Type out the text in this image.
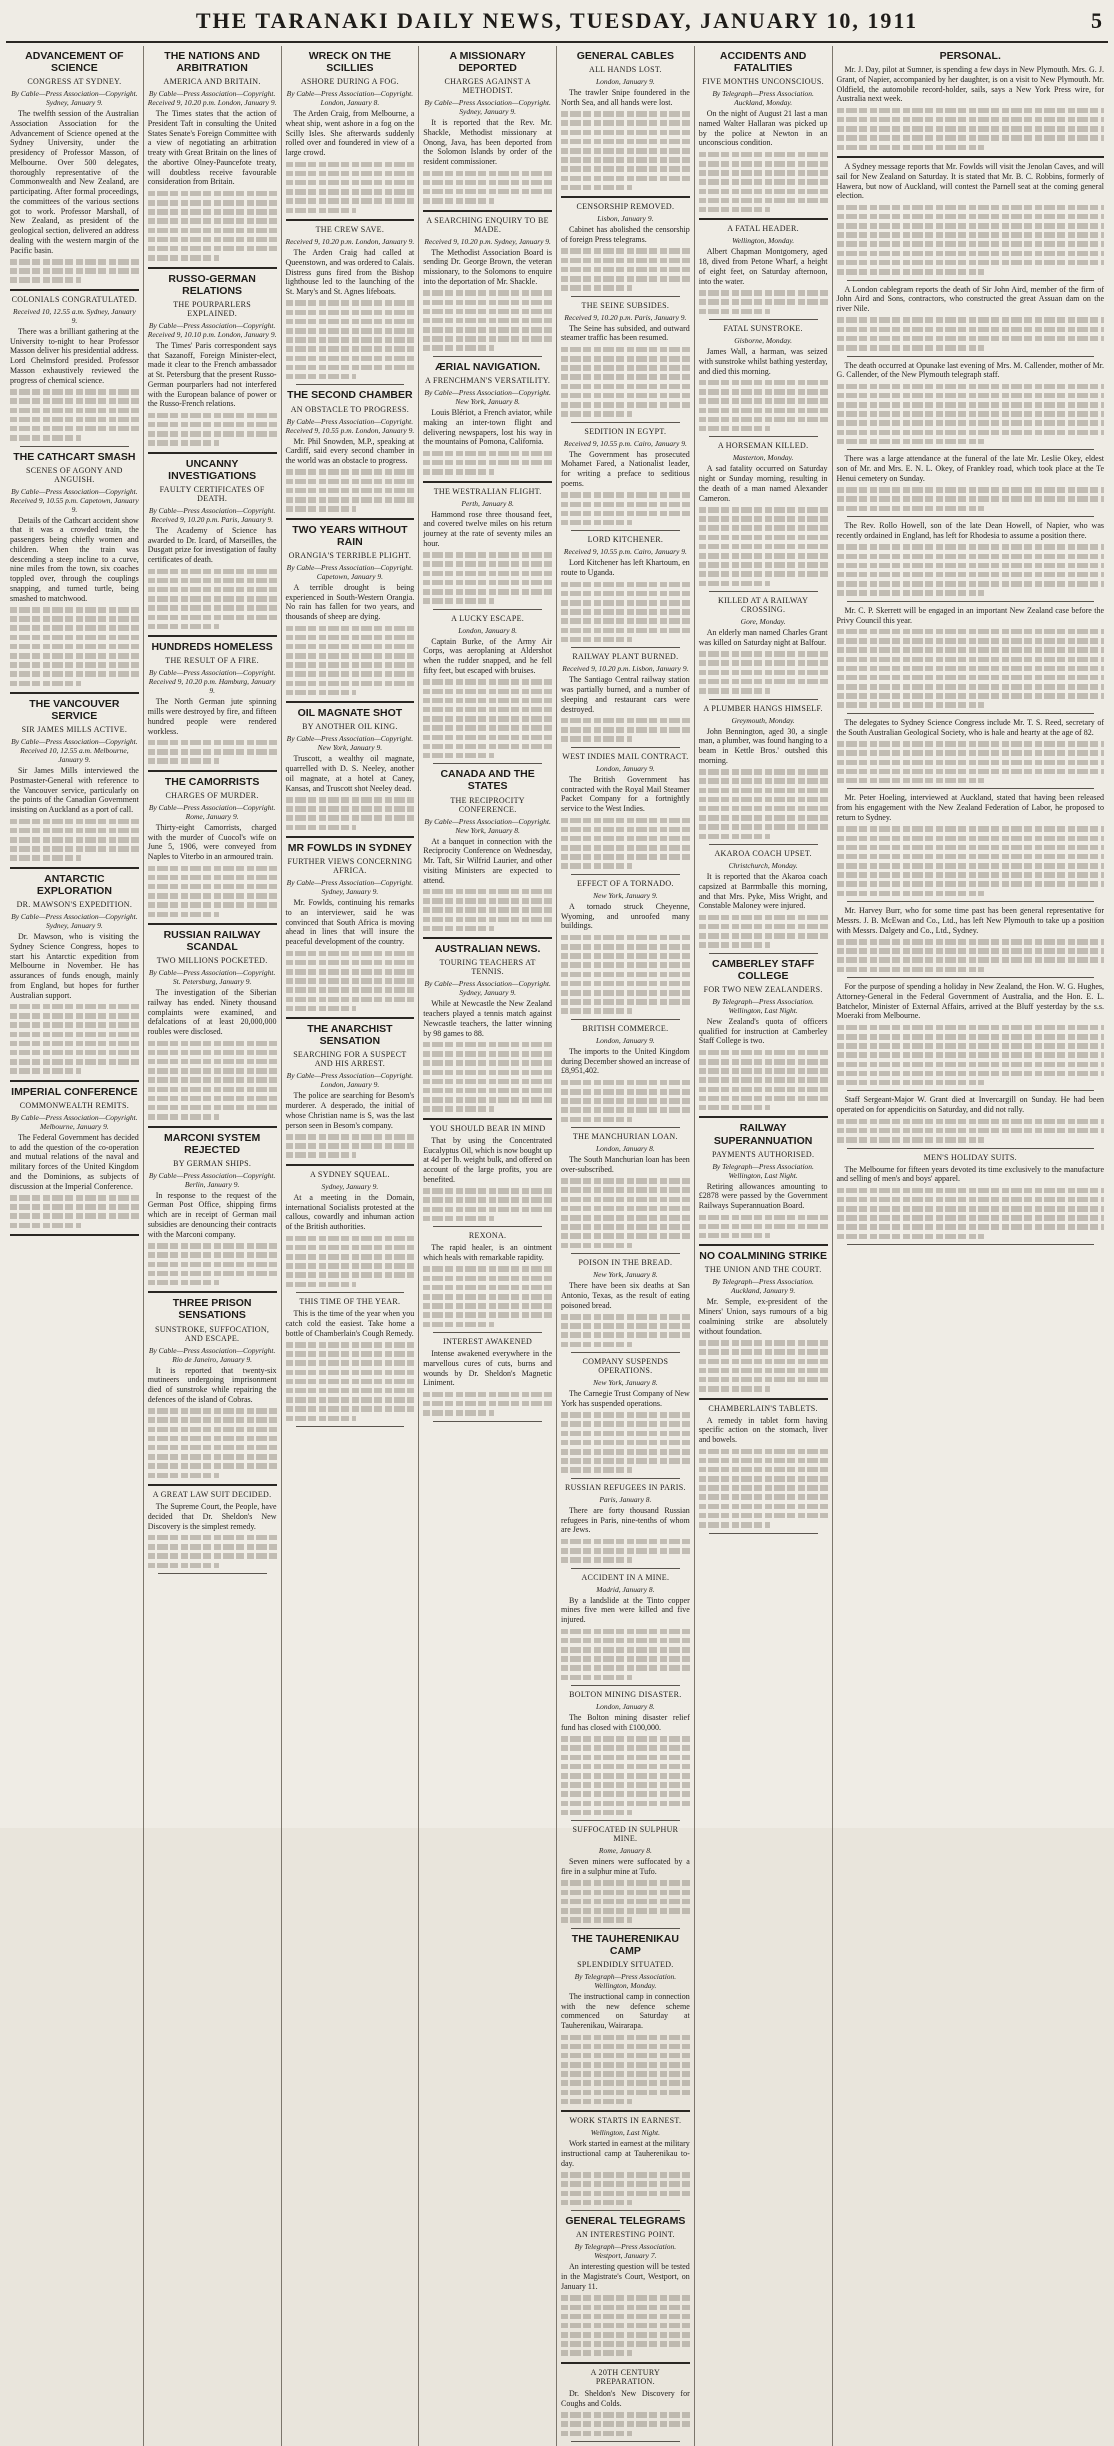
THE TARANAKI DAILY NEWS, TUESDAY, JANUARY 10, 1911	5
ADVANCEMENT OF SCIENCE
CONGRESS AT SYDNEY.
By Cable—Press Association—Copyright. Sydney, January 9.
The twelfth session of the Australian Association Association for the Advancement of Science opened at the Sydney University, under the presidency of Professor Masson, of Melbourne. Over 500 delegates, thoroughly representative of the Commonwealth and New Zealand, are participating. After formal proceedings, the committees of the various sections got to work. Professor Marshall, of New Zealand, as president of the geological section, delivered an address dealing with the western margin of the Pacific basin.
COLONIALS CONGRATULATED.
Received 10, 12.55 a.m. Sydney, January 9.
There was a brilliant gathering at the University to-night to hear Professor Masson deliver his presidential address. Lord Chelmsford presided. Professor Masson exhaustively reviewed the progress of chemical science.
THE CATHCART SMASH
SCENES OF AGONY AND ANGUISH.
By Cable—Press Association—Copyright. Received 9, 10.55 p.m. Capetown, January 9.
Details of the Cathcart accident show that it was a crowded train, the passengers being chiefly women and children. When the train was descending a steep incline to a curve, nine miles from the town, six coaches toppled over, through the couplings snapping, and turned turtle, being smashed to matchwood.
THE VANCOUVER SERVICE
SIR JAMES MILLS ACTIVE.
By Cable—Press Association—Copyright. Received 10, 12.55 a.m. Melbourne, January 9.
Sir James Mills interviewed the Postmaster-General with reference to the Vancouver service, particularly on the points of the Canadian Government insisting on Auckland as a port of call.
ANTARCTIC EXPLORATION
DR. MAWSON'S EXPEDITION.
By Cable—Press Association—Copyright. Sydney, January 9.
Dr. Mawson, who is visiting the Sydney Science Congress, hopes to start his Antarctic expedition from Melbourne in November. He has assurances of funds enough, mainly from England, but hopes for further Australian support.
IMPERIAL CONFERENCE
COMMONWEALTH REMITS.
By Cable—Press Association—Copyright. Melbourne, January 9.
The Federal Government has decided to add the question of the co-operation and mutual relations of the naval and military forces of the United Kingdom and the Dominions, as subjects of discussion at the Imperial Conference.
THE NATIONS AND ARBITRATION
AMERICA AND BRITAIN.
By Cable—Press Association—Copyright. Received 9, 10.20 p.m. London, January 9.
The Times states that the action of President Taft in consulting the United States Senate's Foreign Committee with a view of negotiating an arbitration treaty with Great Britain on the lines of the abortive Olney-Pauncefote treaty, will doubtless receive favourable consideration from Britain.
RUSSO-GERMAN RELATIONS
THE POURPARLERS EXPLAINED.
By Cable—Press Association—Copyright. Received 9, 10.10 p.m. London, January 9.
The Times' Paris correspondent says that Sazanoff, Foreign Minister-elect, made it clear to the French ambassador at St. Petersburg that the present Russo-German pourparlers had not interfered with the European balance of power or the Russo-French relations.
UNCANNY INVESTIGATIONS
FAULTY CERTIFICATES OF DEATH.
By Cable—Press Association—Copyright. Received 9, 10.20 p.m. Paris, January 9.
The Academy of Science has awarded to Dr. Icard, of Marseilles, the Dusgatt prize for investigation of faulty certificates of death.
HUNDREDS HOMELESS
THE RESULT OF A FIRE.
By Cable—Press Association—Copyright. Received 9, 10.20 p.m. Hamburg, January 9.
The North German jute spinning mills were destroyed by fire, and fifteen hundred people were rendered workless.
THE CAMORRISTS
CHARGES OF MURDER.
By Cable—Press Association—Copyright. Rome, January 9.
Thirty-eight Camorrists, charged with the murder of Cuocol's wife on June 5, 1906, were conveyed from Naples to Viterbo in an armoured train.
RUSSIAN RAILWAY SCANDAL
TWO MILLIONS POCKETED.
By Cable—Press Association—Copyright. St. Petersburg, January 9.
The investigation of the Siberian railway has ended. Ninety thousand complaints were examined, and defalcations of at least 20,000,000 roubles were disclosed.
MARCONI SYSTEM REJECTED
BY GERMAN SHIPS.
By Cable—Press Association—Copyright. Berlin, January 9.
In response to the request of the German Post Office, shipping firms which are in receipt of German mail subsidies are denouncing their contracts with the Marconi company.
THREE PRISON SENSATIONS
SUNSTROKE, SUFFOCATION, AND ESCAPE.
By Cable—Press Association—Copyright. Rio de Janeiro, January 9.
It is reported that twenty-six mutineers undergoing imprisonment died of sunstroke while repairing the defences of the island of Cobras.
A GREAT LAW SUIT DECIDED.
The Supreme Court, the People, have decided that Dr. Sheldon's New Discovery is the simplest remedy.
WRECK ON THE SCILLIES
ASHORE DURING A FOG.
By Cable—Press Association—Copyright. London, January 8.
The Arden Craig, from Melbourne, a wheat ship, went ashore in a fog on the Scilly Isles. She afterwards suddenly rolled over and foundered in view of a large crowd.
THE CREW SAVE.
Received 9, 10.20 p.m. London, January 9.
The Arden Craig had called at Queenstown, and was ordered to Calais. Distress guns fired from the Bishop lighthouse led to the launching of the St. Mary's and St. Agnes lifeboats.
THE SECOND CHAMBER
AN OBSTACLE TO PROGRESS.
By Cable—Press Association—Copyright. Received 9, 10.55 p.m. London, January 9.
Mr. Phil Snowden, M.P., speaking at Cardiff, said every second chamber in the world was an obstacle to progress.
TWO YEARS WITHOUT RAIN
ORANGIA'S TERRIBLE PLIGHT.
By Cable—Press Association—Copyright. Capetown, January 9.
A terrible drought is being experienced in South-Western Orangia. No rain has fallen for two years, and thousands of sheep are dying.
OIL MAGNATE SHOT
BY ANOTHER OIL KING.
By Cable—Press Association—Copyright. New York, January 9.
Truscott, a wealthy oil magnate, quarrelled with D. S. Neeley, another oil magnate, at a hotel at Caney, Kansas, and Truscott shot Neeley dead.
MR FOWLDS IN SYDNEY
FURTHER VIEWS CONCERNING AFRICA.
By Cable—Press Association—Copyright. Sydney, January 9.
Mr. Fowlds, continuing his remarks to an interviewer, said he was convinced that South Africa is moving ahead in lines that will insure the peaceful development of the country.
THE ANARCHIST SENSATION
SEARCHING FOR A SUSPECT AND HIS ARREST.
By Cable—Press Association—Copyright. London, January 9.
The police are searching for Besom's murderer. A desperado, the initial of whose Christian name is S, was the last person seen in Besom's company.
A SYDNEY SQUEAL.
Sydney, January 9.
At a meeting in the Domain, international Socialists protested at the callous, cowardly and inhuman action of the British authorities.
THIS TIME OF THE YEAR.
This is the time of the year when you catch cold the easiest. Take home a bottle of Chamberlain's Cough Remedy.
A MISSIONARY DEPORTED
CHARGES AGAINST A METHODIST.
By Cable—Press Association—Copyright. Sydney, January 9.
It is reported that the Rev. Mr. Shackle, Methodist missionary at Onong, Java, has been deported from the Solomon Islands by order of the resident commissioner.
A SEARCHING ENQUIRY TO BE MADE.
Received 9, 10.20 p.m. Sydney, January 9.
The Methodist Association Board is sending Dr. George Brown, the veteran missionary, to the Solomons to enquire into the deportation of Mr. Shackle.
ÆRIAL NAVIGATION.
A FRENCHMAN'S VERSATILITY.
By Cable—Press Association—Copyright. New York, January 8.
Louis Blériot, a French aviator, while making an inter-town flight and delivering newspapers, lost his way in the mountains of Pomona, California.
THE WESTRALIAN FLIGHT.
Perth, January 8.
Hammond rose three thousand feet, and covered twelve miles on his return journey at the rate of seventy miles an hour.
A LUCKY ESCAPE.
London, January 8.
Captain Burke, of the Army Air Corps, was aeroplaning at Aldershot when the rudder snapped, and he fell fifty feet, but escaped with bruises.
CANADA AND THE STATES
THE RECIPROCITY CONFERENCE.
By Cable—Press Association—Copyright. New York, January 8.
At a banquet in connection with the Reciprocity Conference on Wednesday, Mr. Taft, Sir Wilfrid Laurier, and other visiting Ministers are expected to attend.
AUSTRALIAN NEWS.
TOURING TEACHERS AT TENNIS.
By Cable—Press Association—Copyright. Sydney, January 9.
While at Newcastle the New Zealand teachers played a tennis match against Newcastle teachers, the latter winning by 98 games to 88.
YOU SHOULD BEAR IN MIND
That by using the Concentrated Eucalyptus Oil, which is now bought up at 4d per lb. weight bulk, and offered on account of the large profits, you are benefited.
REXONA.
The rapid healer, is an ointment which heals with remarkable rapidity.
INTEREST AWAKENED
Intense awakened everywhere in the marvellous cures of cuts, burns and wounds by Dr. Sheldon's Magnetic Liniment.
GENERAL CABLES
ALL HANDS LOST.
London, January 9.
The trawler Snipe foundered in the North Sea, and all hands were lost.
CENSORSHIP REMOVED.
Lisbon, January 9.
Cabinet has abolished the censorship of foreign Press telegrams.
THE SEINE SUBSIDES.
Received 9, 10.20 p.m. Paris, January 9.
The Seine has subsided, and outward steamer traffic has been resumed.
SEDITION IN EGYPT.
Received 9, 10.55 p.m. Cairo, January 9.
The Government has prosecuted Mohamet Fared, a Nationalist leader, for writing a preface to seditious poems.
LORD KITCHENER.
Received 9, 10.55 p.m. Cairo, January 9.
Lord Kitchener has left Khartoum, en route to Uganda.
RAILWAY PLANT BURNED.
Received 9, 10.20 p.m. Lisbon, January 9.
The Santiago Central railway station was partially burned, and a number of sleeping and restaurant cars were destroyed.
WEST INDIES MAIL CONTRACT.
London, January 9.
The British Government has contracted with the Royal Mail Steamer Packet Company for a fortnightly service to the West Indies.
EFFECT OF A TORNADO.
New York, January 9.
A tornado struck Cheyenne, Wyoming, and unroofed many buildings.
BRITISH COMMERCE.
London, January 9.
The imports to the United Kingdom during December showed an increase of £8,951,402.
THE MANCHURIAN LOAN.
London, January 8.
The South Manchurian loan has been over-subscribed.
POISON IN THE BREAD.
New York, January 8.
There have been six deaths at San Antonio, Texas, as the result of eating poisoned bread.
COMPANY SUSPENDS OPERATIONS.
New York, January 8.
The Carnegie Trust Company of New York has suspended operations.
RUSSIAN REFUGEES IN PARIS.
Paris, January 8.
There are forty thousand Russian refugees in Paris, nine-tenths of whom are Jews.
ACCIDENT IN A MINE.
Madrid, January 8.
By a landslide at the Tinto copper mines five men were killed and five injured.
BOLTON MINING DISASTER.
London, January 8.
The Bolton mining disaster relief fund has closed with £100,000.
SUFFOCATED IN SULPHUR MINE.
Rome, January 8.
Seven miners were suffocated by a fire in a sulphur mine at Tufo.
THE TAUHERENIKAU CAMP
SPLENDIDLY SITUATED.
By Telegraph—Press Association. Wellington, Monday.
The instructional camp in connection with the new defence scheme commenced on Saturday at Tauherenikau, Wairarapa.
WORK STARTS IN EARNEST.
Wellington, Last Night.
Work started in earnest at the military instructional camp at Tauherenikau to-day.
GENERAL TELEGRAMS
AN INTERESTING POINT.
By Telegraph—Press Association. Westport, January 7.
An interesting question will be tested in the Magistrate's Court, Westport, on January 11.
A 20TH CENTURY PREPARATION.
Dr. Sheldon's New Discovery for Coughs and Colds.
ACCIDENTS AND FATALITIES
FIVE MONTHS UNCONSCIOUS.
By Telegraph—Press Association. Auckland, Monday.
On the night of August 21 last a man named Walter Hallaran was picked up by the police at Newton in an unconscious condition.
A FATAL HEADER.
Wellington, Monday.
Albert Chapman Montgomery, aged 18, dived from Petone Wharf, a height of eight feet, on Saturday afternoon, into the water.
FATAL SUNSTROKE.
Gisborne, Monday.
James Wall, a harman, was seized with sunstroke whilst bathing yesterday, and died this morning.
A HORSEMAN KILLED.
Masterton, Monday.
A sad fatality occurred on Saturday night or Sunday morning, resulting in the death of a man named Alexander Cameron.
KILLED AT A RAILWAY CROSSING.
Gore, Monday.
An elderly man named Charles Grant was killed on Saturday night at Balfour.
A PLUMBER HANGS HIMSELF.
Greymouth, Monday.
John Bennington, aged 30, a single man, a plumber, was found hanging to a beam in Kettle Bros.' outshed this morning.
AKAROA COACH UPSET.
Christchurch, Monday.
It is reported that the Akaroa coach capsized at Barrmballe this morning, and that Mrs. Pyke, Miss Wright, and Constable Maloney were injured.
CAMBERLEY STAFF COLLEGE
FOR TWO NEW ZEALANDERS.
By Telegraph—Press Association. Wellington, Last Night.
New Zealand's quota of officers qualified for instruction at Camberley Staff College is two.
RAILWAY SUPERANNUATION
PAYMENTS AUTHORISED.
By Telegraph—Press Association. Wellington, Last Night.
Retiring allowances amounting to £2878 were passed by the Government Railways Superannuation Board.
NO COALMINING STRIKE
THE UNION AND THE COURT.
By Telegraph—Press Association. Auckland, January 9.
Mr. Semple, ex-president of the Miners' Union, says rumours of a big coalmining strike are absolutely without foundation.
CHAMBERLAIN'S TABLETS.
A remedy in tablet form having specific action on the stomach, liver and bowels.
PERSONAL.
Mr. J. Day, pilot at Sumner, is spending a few days in New Plymouth. Mrs. G. J. Grant, of Napier, accompanied by her daughter, is on a visit to New Plymouth. Mr. Oldfield, the automobile record-holder, sails, says a New York Press wire, for Australia next week.
A Sydney message reports that Mr. Fowlds will visit the Jenolan Caves, and will sail for New Zealand on Saturday. It is stated that Mr. B. C. Robbins, formerly of Hawera, but now of Auckland, will contest the Parnell seat at the coming general election.
A London cablegram reports the death of Sir John Aird, member of the firm of John Aird and Sons, contractors, who constructed the great Assuan dam on the river Nile.
The death occurred at Opunake last evening of Mrs. M. Callender, mother of Mr. G. Callender, of the New Plymouth telegraph staff.
There was a large attendance at the funeral of the late Mr. Leslie Okey, eldest son of Mr. and Mrs. E. N. L. Okey, of Frankley road, which took place at the Te Henui cemetery on Sunday.
The Rev. Rollo Howell, son of the late Dean Howell, of Napier, who was recently ordained in England, has left for Rhodesia to assume a position there.
Mr. C. P. Skerrett will be engaged in an important New Zealand case before the Privy Council this year.
The delegates to Sydney Science Congress include Mr. T. S. Reed, secretary of the South Australian Geological Society, who is hale and hearty at the age of 82.
Mr. Peter Hoeling, interviewed at Auckland, stated that having been released from his engagement with the New Zealand Federation of Labor, he proposed to return to Sydney.
Mr. Harvey Burr, who for some time past has been general representative for Messrs. J. B. McEwan and Co., Ltd., has left New Plymouth to take up a position with Messrs. Dalgety and Co., Ltd., Sydney.
For the purpose of spending a holiday in New Zealand, the Hon. W. G. Hughes, Attorney-General in the Federal Government of Australia, and the Hon. E. L. Batchelor, Minister of External Affairs, arrived at the Bluff yesterday by the s.s. Moeraki from Melbourne.
Staff Sergeant-Major W. Grant died at Invercargill on Sunday. He had been operated on for appendicitis on Saturday, and did not rally.
MEN'S HOLIDAY SUITS.
The Melbourne for fifteen years devoted its time exclusively to the manufacture and selling of men's and boys' apparel.
